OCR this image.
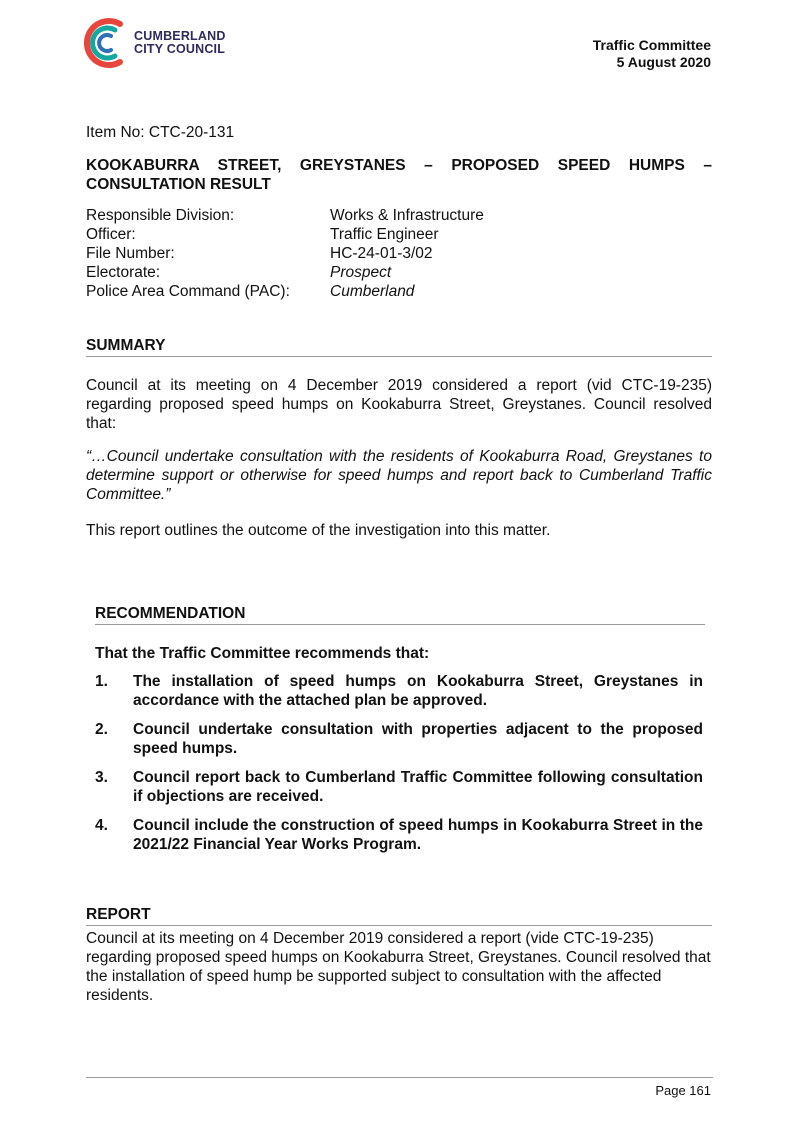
CUMBERLAND
CITY COUNCIL	Traffic Committee
5 August 2020
Item No: CTC-20-131
KOOKABURRA STREET, GREYSTANES – PROPOSED SPEED HUMPS – CONSULTATION RESULT
Responsible Division:	Works & Infrastructure
Officer:	Traffic Engineer
File Number:	HC-24-01-3/02
Electorate:	Prospect
Police Area Command (PAC):	Cumberland
SUMMARY
Council at its meeting on 4 December 2019 considered a report (vid CTC-19-235) regarding proposed speed humps on Kookaburra Street, Greystanes. Council resolved that:
“…Council undertake consultation with the residents of Kookaburra Road, Greystanes to determine support or otherwise for speed humps and report back to Cumberland Traffic Committee.”
This report outlines the outcome of the investigation into this matter.
RECOMMENDATION
That the Traffic Committee recommends that:
1.	The installation of speed humps on Kookaburra Street, Greystanes in accordance with the attached plan be approved.
2.	Council undertake consultation with properties adjacent to the proposed speed humps.
3.	Council report back to Cumberland Traffic Committee following consultation if objections are received.
4.	Council include the construction of speed humps in Kookaburra Street in the 2021/22 Financial Year Works Program.
REPORT
Council at its meeting on 4 December 2019 considered a report (vide CTC-19-235) regarding proposed speed humps on Kookaburra Street, Greystanes. Council resolved that the installation of speed hump be supported subject to consultation with the affected residents.
Page 161
